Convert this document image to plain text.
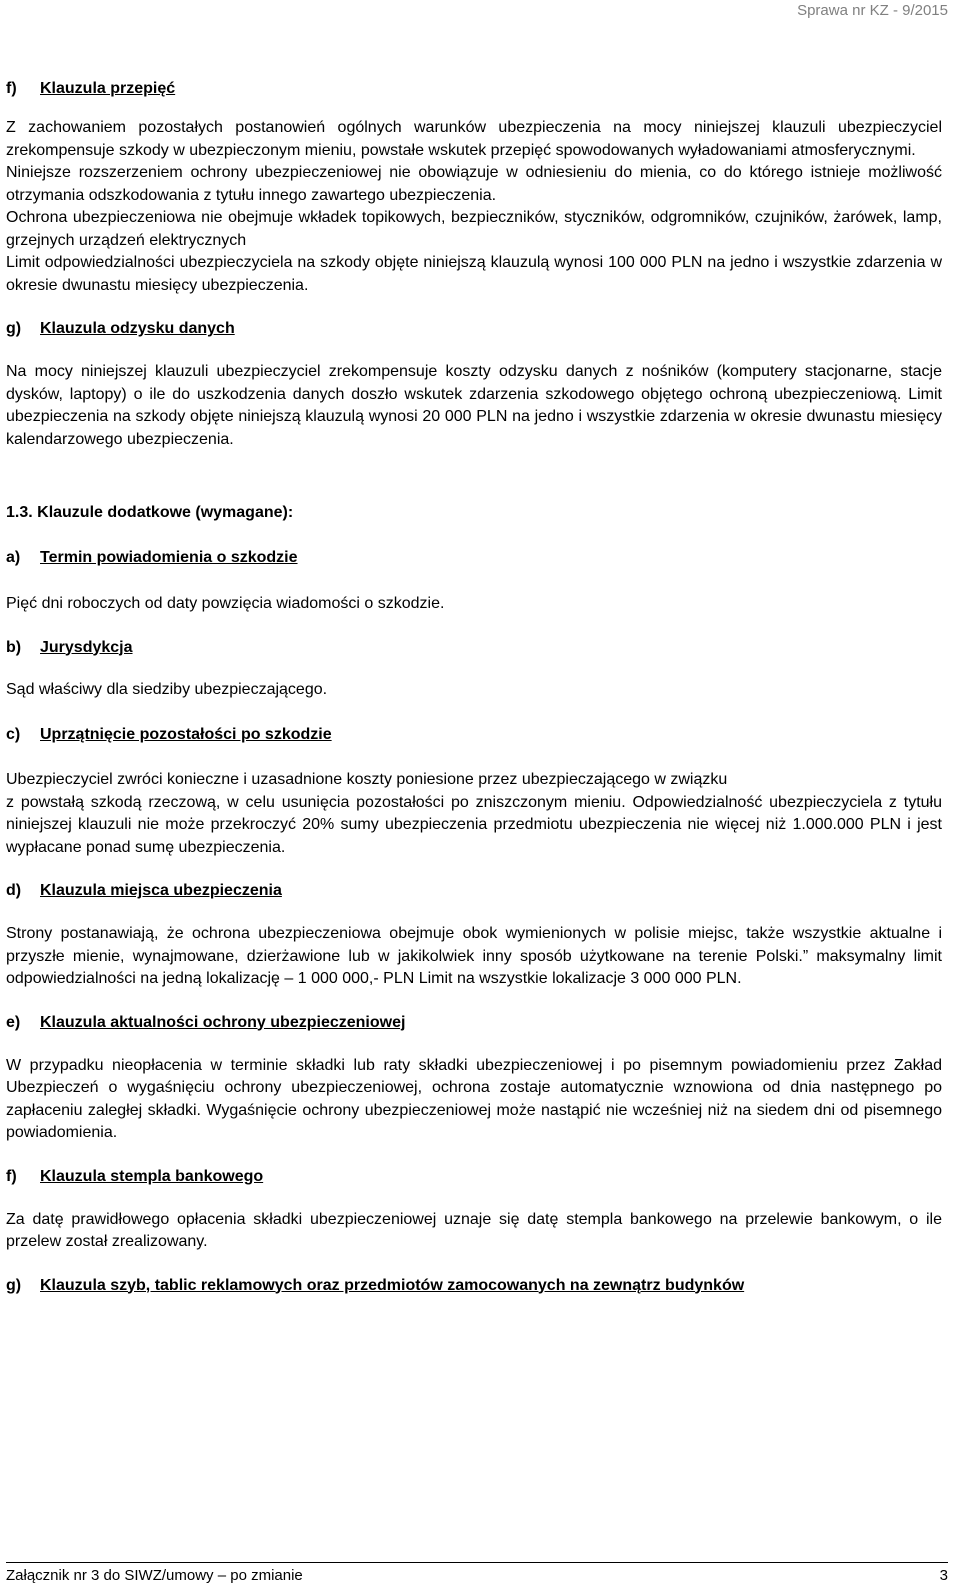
Sprawa nr KZ - 9/2015

f) Klauzula przepięć

Z zachowaniem pozostałych postanowień ogólnych warunków ubezpieczenia na mocy niniejszej klauzuli ubezpieczyciel zrekompensuje szkody w ubezpieczonym mieniu, powstałe wskutek przepięć spowodowanych wyładowaniami atmosferycznymi.

Niniejsze rozszerzeniem ochrony ubezpieczeniowej nie obowiązuje w odniesieniu do mienia, co do którego istnieje możliwość otrzymania odszkodowania z tytułu innego zawartego ubezpieczenia.

Ochrona ubezpieczeniowa nie obejmuje wkładek topikowych, bezpieczników, styczników, odgromników, czujników, żarówek, lamp, grzejnych urządzeń elektrycznych

Limit odpowiedzialności ubezpieczyciela na szkody objęte niniejszą klauzulą wynosi 100 000 PLN na jedno i wszystkie zdarzenia w okresie dwunastu miesięcy ubezpieczenia.

g) Klauzula odzysku danych

Na mocy niniejszej klauzuli ubezpieczyciel zrekompensuje koszty odzysku danych z nośników (komputery stacjonarne, stacje dysków, laptopy) o ile do uszkodzenia danych doszło wskutek zdarzenia szkodowego objętego ochroną ubezpieczeniową. Limit ubezpieczenia na szkody objęte niniejszą klauzulą wynosi 20 000 PLN na jedno i wszystkie zdarzenia w okresie dwunastu miesięcy kalendarzowego ubezpieczenia.

1.3. Klauzule dodatkowe (wymagane):

a) Termin powiadomienia o szkodzie

Pięć dni roboczych od daty powzięcia wiadomości o szkodzie.

b) Jurysdykcja

Sąd właściwy dla siedziby ubezpieczającego.

c) Uprzątnięcie pozostałości po szkodzie

Ubezpieczyciel zwróci konieczne i uzasadnione koszty poniesione przez ubezpieczającego w związku

z powstałą szkodą rzeczową, w celu usunięcia pozostałości po zniszczonym mieniu. Odpowiedzialność ubezpieczyciela z tytułu niniejszej klauzuli nie może przekroczyć 20% sumy ubezpieczenia przedmiotu ubezpieczenia nie więcej niż 1.000.000 PLN i jest wypłacane ponad sumę ubezpieczenia.

d) Klauzula miejsca ubezpieczenia

Strony postanawiają, że ochrona ubezpieczeniowa obejmuje obok wymienionych w polisie miejsc, także wszystkie aktualne i przyszłe mienie, wynajmowane, dzierżawione lub w jakikolwiek inny sposób użytkowane na terenie Polski.” maksymalny limit odpowiedzialności na jedną lokalizację – 1 000 000,- PLN Limit na wszystkie lokalizacje 3 000 000 PLN.

e) Klauzula aktualności ochrony ubezpieczeniowej

W przypadku nieopłacenia w terminie składki lub raty składki ubezpieczeniowej i po pisemnym powiadomieniu przez Zakład Ubezpieczeń o wygaśnięciu ochrony ubezpieczeniowej, ochrona zostaje automatycznie wznowiona od dnia następnego po zapłaceniu zaległej składki. Wygaśnięcie ochrony ubezpieczeniowej może nastąpić nie wcześniej niż na siedem dni od pisemnego powiadomienia.

f) Klauzula stempla bankowego

Za datę prawidłowego opłacenia składki ubezpieczeniowej uznaje się datę stempla bankowego na przelewie bankowym, o ile przelew został zrealizowany.

g) Klauzula szyb, tablic reklamowych oraz przedmiotów zamocowanych na zewnątrz budynków

Załącznik nr 3 do SIWZ/umowy – po zmianie	3
